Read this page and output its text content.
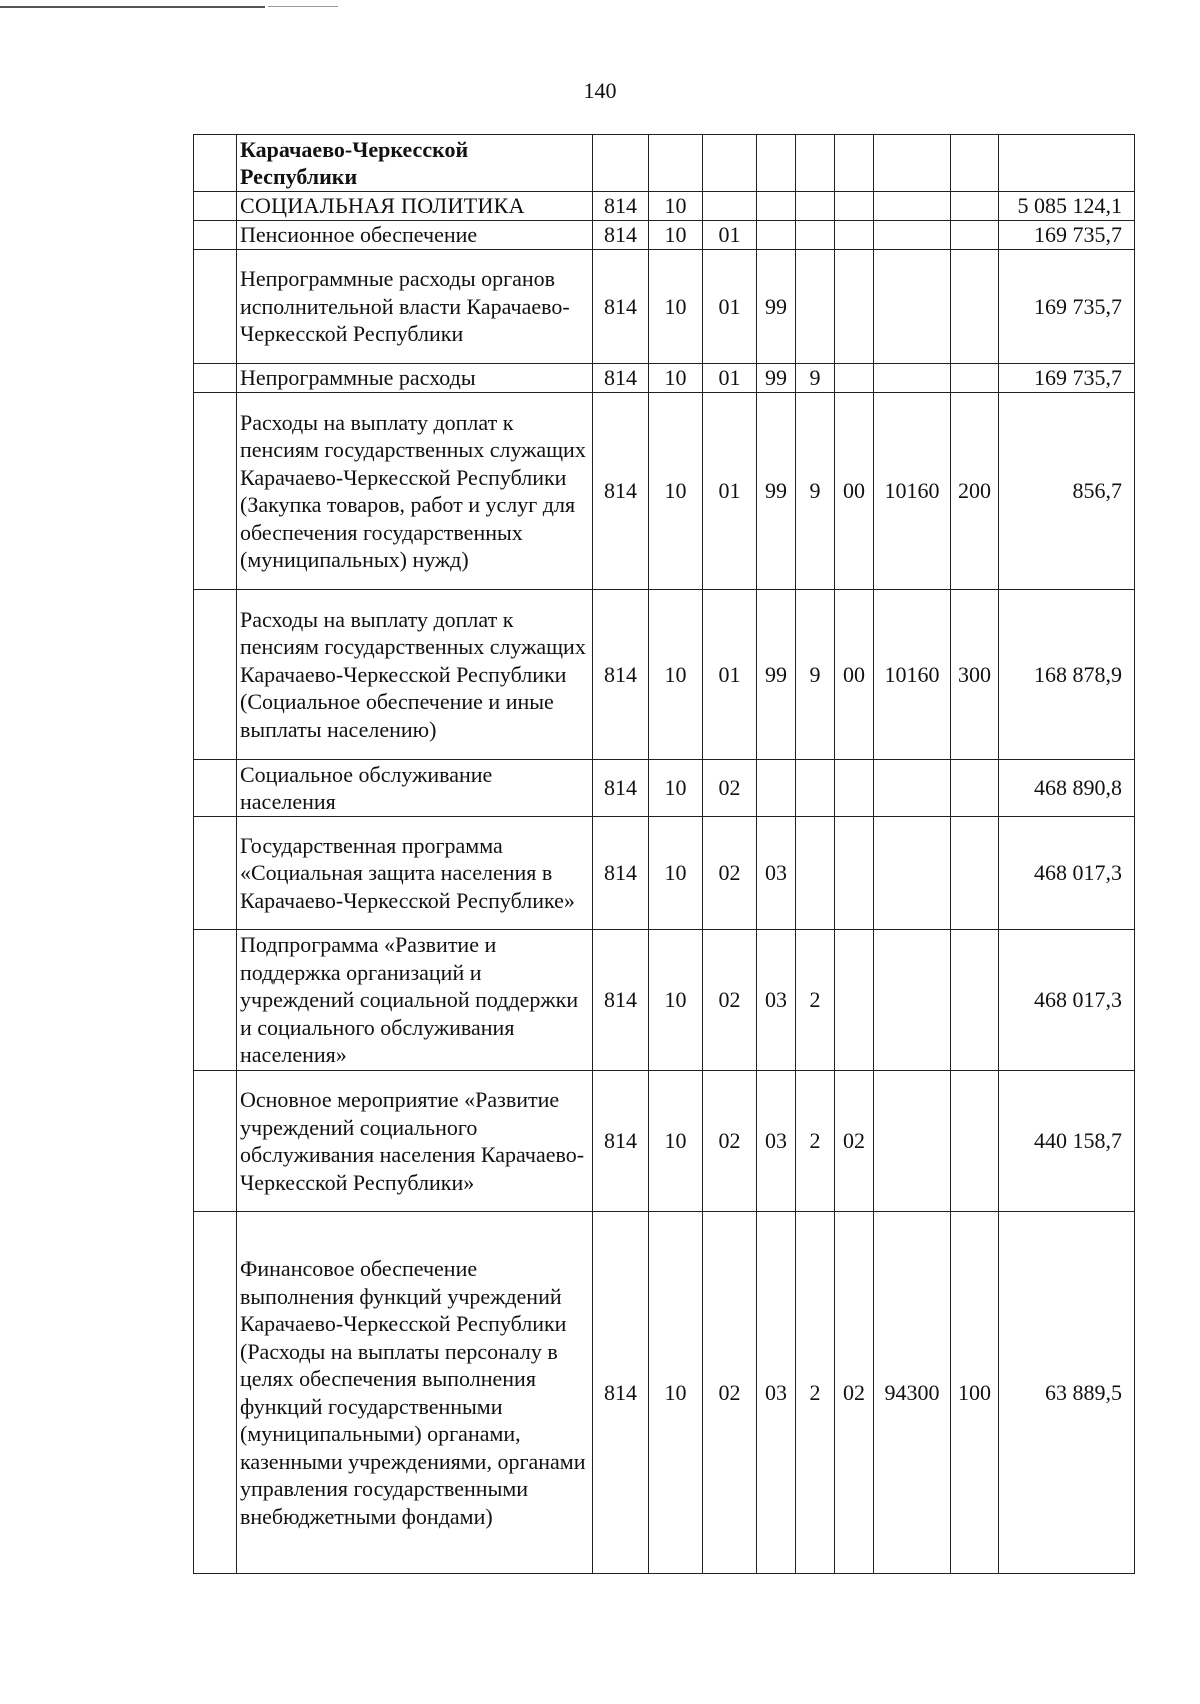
140
	Карачаево-Черкесской Республики									
	СОЦИАЛЬНАЯ ПОЛИТИКА	814	10							5 085 124,1
	Пенсионное обеспечение	814	10	01						169 735,7
	Непрограммные расходы органов исполнительной власти Карачаево-Черкесской Республики	814	10	01	99					169 735,7
	Непрограммные расходы	814	10	01	99	9				169 735,7
	Расходы на выплату доплат к пенсиям государственных служащих Карачаево-Черкесской Республики (Закупка товаров, работ и услуг для обеспечения государственных (муниципальных) нужд)	814	10	01	99	9	00	10160	200	856,7
	Расходы на выплату доплат к пенсиям государственных служащих Карачаево-Черкесской Республики (Социальное обеспечение и иные выплаты населению)	814	10	01	99	9	00	10160	300	168 878,9
	Социальное обслуживание населения	814	10	02						468 890,8
	Государственная программа «Социальная защита населения в Карачаево-Черкесской Республике»	814	10	02	03					468 017,3
	Подпрограмма «Развитие и поддержка организаций и учреждений социальной поддержки и социального обслуживания населения»	814	10	02	03	2				468 017,3
	Основное мероприятие «Развитие учреждений социального обслуживания населения Карачаево-Черкесской Республики»	814	10	02	03	2	02			440 158,7
	Финансовое обеспечение выполнения функций учреждений Карачаево-Черкесской Республики (Расходы на выплаты персоналу в целях обеспечения выполнения функций государственными (муниципальными) органами, казенными учреждениями, органами управления государственными внебюджетными фондами)	814	10	02	03	2	02	94300	100	63 889,5
